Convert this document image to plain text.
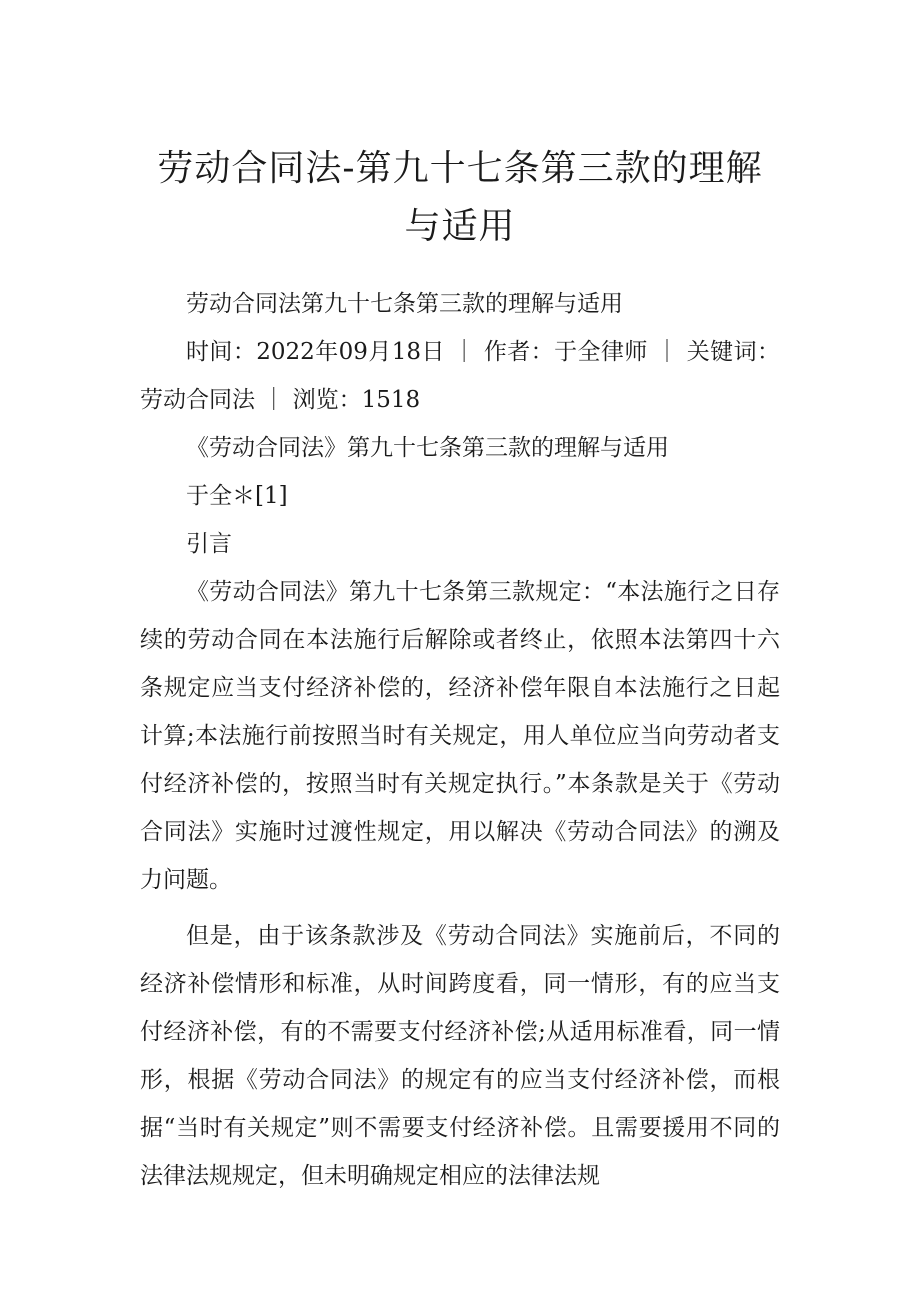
劳动合同法-第九十七条第三款的理解与适用

劳动合同法第九十七条第三款的理解与适用

时间：2022年09月18日 ｜ 作者：于全律师 ｜ 关键词：劳动合同法 ｜ 浏览：1518

《劳动合同法》第九十七条第三款的理解与适用

于全＊[1]

引言

《劳动合同法》第九十七条第三款规定：“本法施行之日存续的劳动合同在本法施行后解除或者终止，依照本法第四十六条规定应当支付经济补偿的，经济补偿年限自本法施行之日起计算;本法施行前按照当时有关规定，用人单位应当向劳动者支付经济补偿的，按照当时有关规定执行。”本条款是关于《劳动合同法》实施时过渡性规定，用以解决《劳动合同法》的溯及力问题。

但是，由于该条款涉及《劳动合同法》实施前后，不同的经济补偿情形和标准，从时间跨度看，同一情形，有的应当支付经济补偿，有的不需要支付经济补偿;从适用标准看，同一情形，根据《劳动合同法》的规定有的应当支付经济补偿，而根据“当时有关规定”则不需要支付经济补偿。且需要援用不同的法律法规规定，但未明确规定相应的法律法规
